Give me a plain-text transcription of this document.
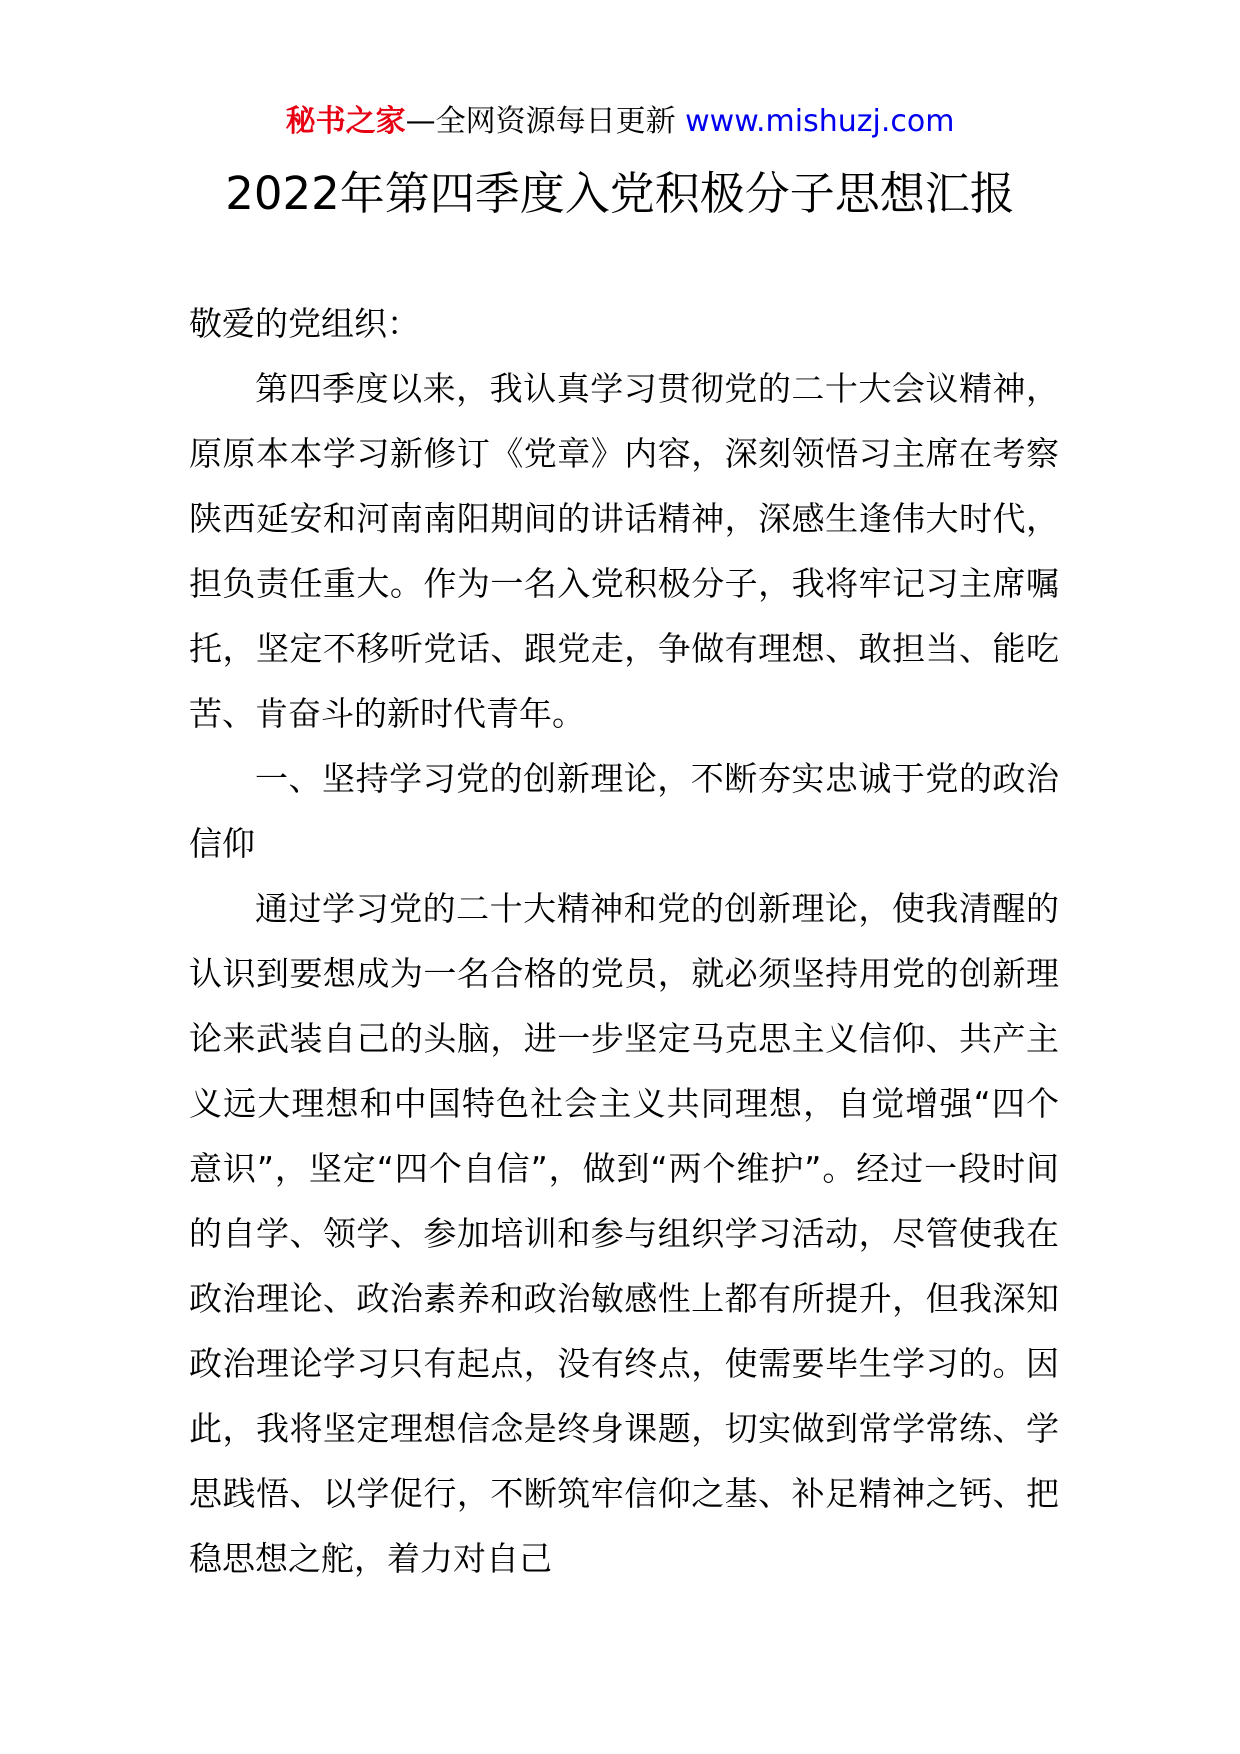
秘书之家—全网资源每日更新 www.mishuzj.com
2022年第四季度入党积极分子思想汇报

敬爱的党组织：

第四季度以来，我认真学习贯彻党的二十大会议精神，原原本本学习新修订《党章》内容，深刻领悟习主席在考察陕西延安和河南南阳期间的讲话精神，深感生逢伟大时代，担负责任重大。作为一名入党积极分子，我将牢记习主席嘱托，坚定不移听党话、跟党走，争做有理想、敢担当、能吃苦、肯奋斗的新时代青年。

一、坚持学习党的创新理论，不断夯实忠诚于党的政治信仰

通过学习党的二十大精神和党的创新理论，使我清醒的认识到要想成为一名合格的党员，就必须坚持用党的创新理论来武装自己的头脑，进一步坚定马克思主义信仰、共产主义远大理想和中国特色社会主义共同理想，自觉增强“四个意识”，坚定“四个自信”，做到“两个维护”。经过一段时间的自学、领学、参加培训和参与组织学习活动，尽管使我在政治理论、政治素养和政治敏感性上都有所提升，但我深知政治理论学习只有起点，没有终点，使需要毕生学习的。因此，我将坚定理想信念是终身课题，切实做到常学常练、学思践悟、以学促行，不断筑牢信仰之基、补足精神之钙、把稳思想之舵，着力对自己
